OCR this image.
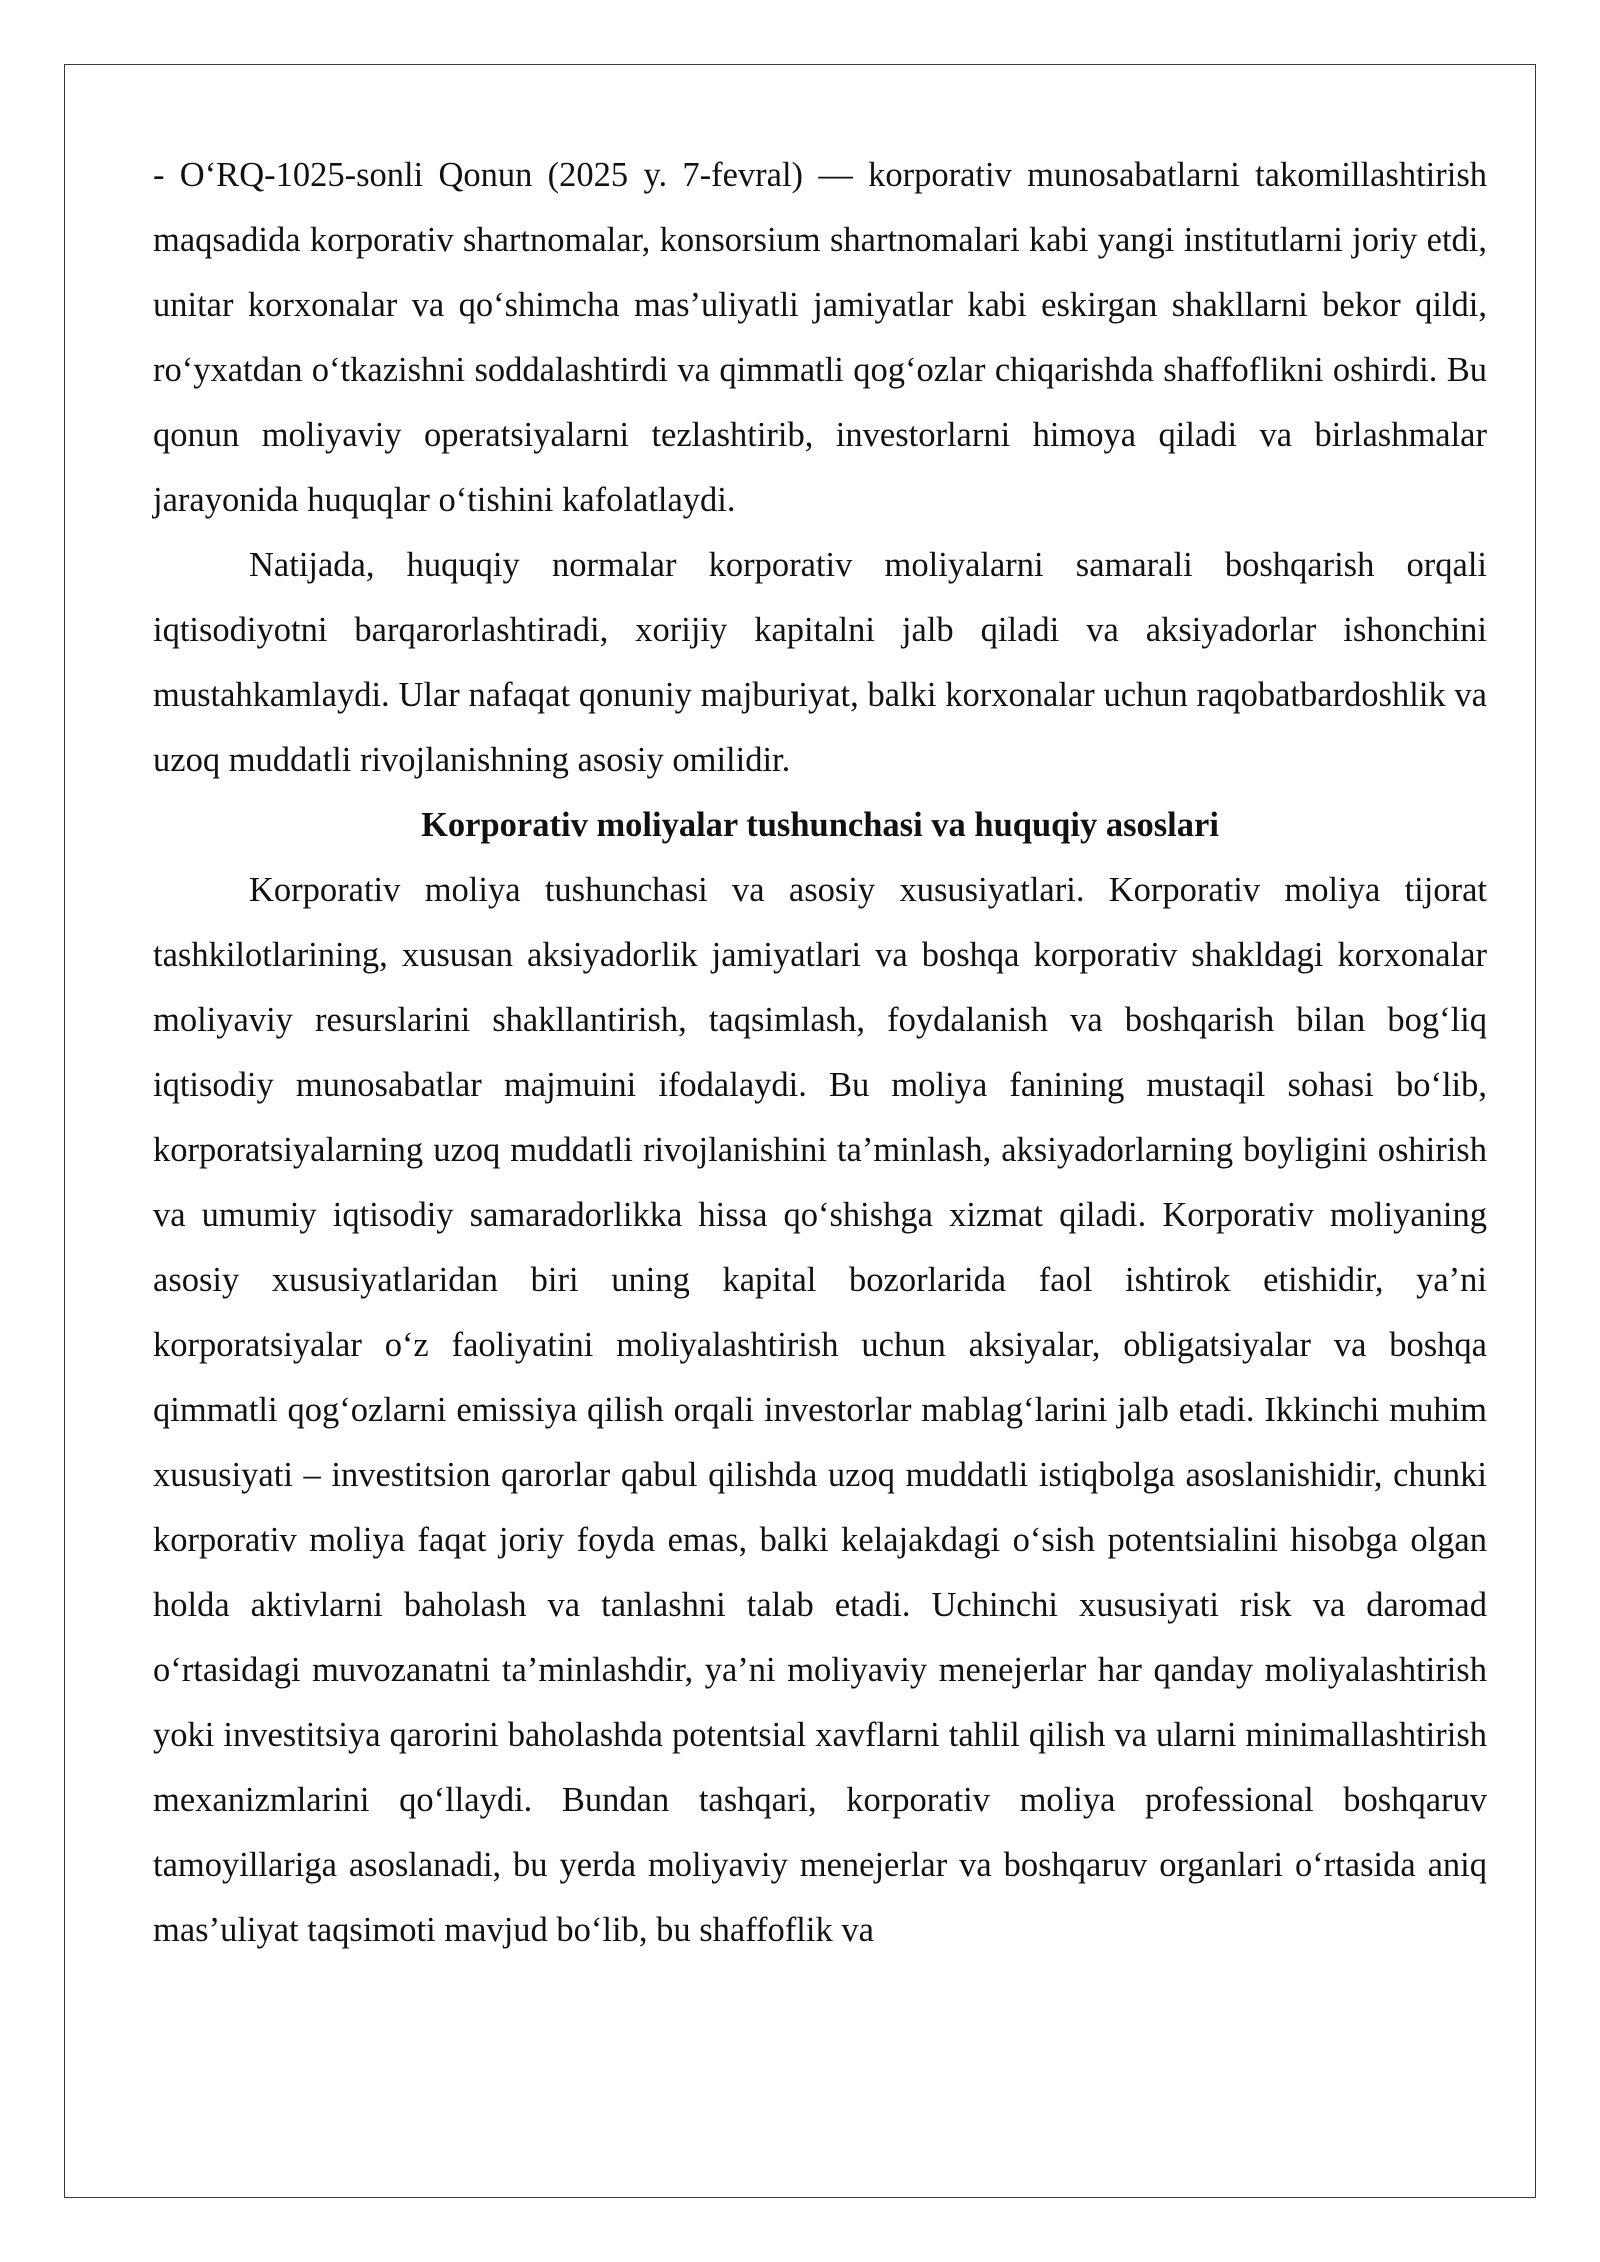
- O‘RQ-1025-sonli Qonun (2025 y. 7-fevral) — korporativ munosabatlarni takomillashtirish maqsadida korporativ shartnomalar, konsorsium shartnomalari kabi yangi institutlarni joriy etdi, unitar korxonalar va qo‘shimcha mas’uliyatli jamiyatlar kabi eskirgan shakllarni bekor qildi, ro‘yxatdan o‘tkazishni soddalashtirdi va qimmatli qog‘ozlar chiqarishda shaffoflikni oshirdi. Bu qonun moliyaviy operatsiyalarni tezlashtirib, investorlarni himoya qiladi va birlashmalar jarayonida huquqlar o‘tishini kafolatlaydi.

Natijada, huquqiy normalar korporativ moliyalarni samarali boshqarish orqali iqtisodiyotni barqarorlashtiradi, xorijiy kapitalni jalb qiladi va aksiyadorlar ishonchini mustahkamlaydi. Ular nafaqat qonuniy majburiyat, balki korxonalar uchun raqobatbardoshlik va uzoq muddatli rivojlanishning asosiy omilidir.

Korporativ moliyalar tushunchasi va huquqiy asoslari

Korporativ moliya tushunchasi va asosiy xususiyatlari. Korporativ moliya tijorat tashkilotlarining, xususan aksiyadorlik jamiyatlari va boshqa korporativ shakldagi korxonalar moliyaviy resurslarini shakllantirish, taqsimlash, foydalanish va boshqarish bilan bog‘liq iqtisodiy munosabatlar majmuini ifodalaydi. Bu moliya fanining mustaqil sohasi bo‘lib, korporatsiyalarning uzoq muddatli rivojlanishini ta’minlash, aksiyadorlarning boyligini oshirish va umumiy iqtisodiy samaradorlikka hissa qo‘shishga xizmat qiladi. Korporativ moliyaning asosiy xususiyatlaridan biri uning kapital bozorlarida faol ishtirok etishidir, ya’ni korporatsiyalar o‘z faoliyatini moliyalashtirish uchun aksiyalar, obligatsiyalar va boshqa qimmatli qog‘ozlarni emissiya qilish orqali investorlar mablag‘larini jalb etadi. Ikkinchi muhim xususiyati – investitsion qarorlar qabul qilishda uzoq muddatli istiqbolga asoslanishidir, chunki korporativ moliya faqat joriy foyda emas, balki kelajakdagi o‘sish potentsialini hisobga olgan holda aktivlarni baholash va tanlashni talab etadi. Uchinchi xususiyati risk va daromad o‘rtasidagi muvozanatni ta’minlashdir, ya’ni moliyaviy menejerlar har qanday moliyalashtirish yoki investitsiya qarorini baholashda potentsial xavflarni tahlil qilish va ularni minimallashtirish mexanizmlarini qo‘llaydi. Bundan tashqari, korporativ moliya professional boshqaruv tamoyillariga asoslanadi, bu yerda moliyaviy menejerlar va boshqaruv organlari o‘rtasida aniq mas’uliyat taqsimoti mavjud bo‘lib, bu shaffoflik va
